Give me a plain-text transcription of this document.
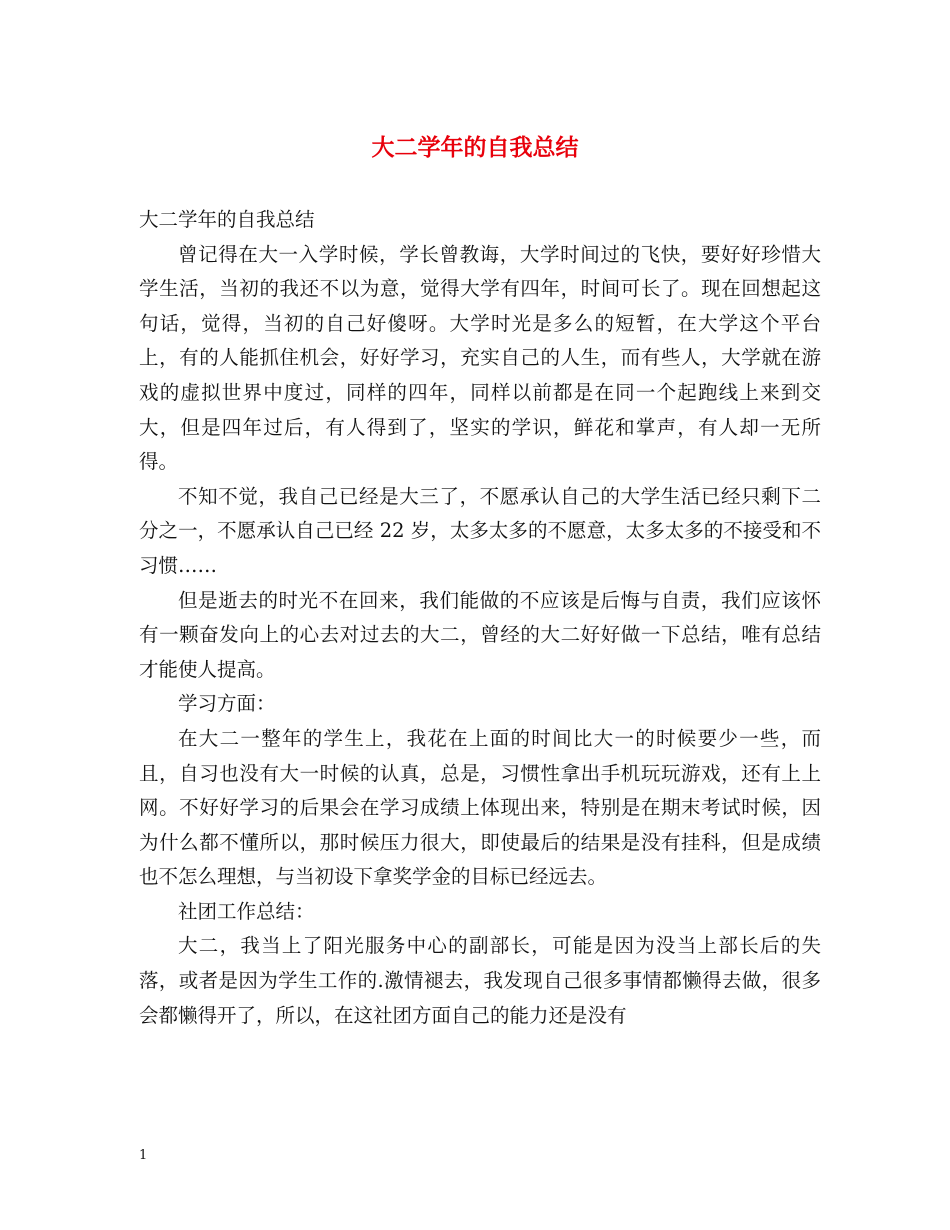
大二学年的自我总结

大二学年的自我总结

曾记得在大一入学时候，学长曾教诲，大学时间过的飞快，要好好珍惜大学生活，当初的我还不以为意，觉得大学有四年，时间可长了。现在回想起这句话，觉得，当初的自己好傻呀。大学时光是多么的短暂，在大学这个平台上，有的人能抓住机会，好好学习，充实自己的人生，而有些人，大学就在游戏的虚拟世界中度过，同样的四年，同样以前都是在同一个起跑线上来到交大，但是四年过后，有人得到了，坚实的学识，鲜花和掌声，有人却一无所得。

不知不觉，我自己已经是大三了，不愿承认自己的大学生活已经只剩下二分之一，不愿承认自己已经 22 岁，太多太多的不愿意，太多太多的不接受和不习惯……

但是逝去的时光不在回来，我们能做的不应该是后悔与自责，我们应该怀有一颗奋发向上的心去对过去的大二，曾经的大二好好做一下总结，唯有总结才能使人提高。

学习方面：

在大二一整年的学生上，我花在上面的时间比大一的时候要少一些，而且，自习也没有大一时候的认真，总是，习惯性拿出手机玩玩游戏，还有上上网。不好好学习的后果会在学习成绩上体现出来，特别是在期末考试时候，因为什么都不懂所以，那时候压力很大，即使最后的结果是没有挂科，但是成绩也不怎么理想，与当初设下拿奖学金的目标已经远去。

社团工作总结：

大二，我当上了阳光服务中心的副部长，可能是因为没当上部长后的失落，或者是因为学生工作的.激情褪去，我发现自己很多事情都懒得去做，很多会都懒得开了，所以，在这社团方面自己的能力还是没有

1
